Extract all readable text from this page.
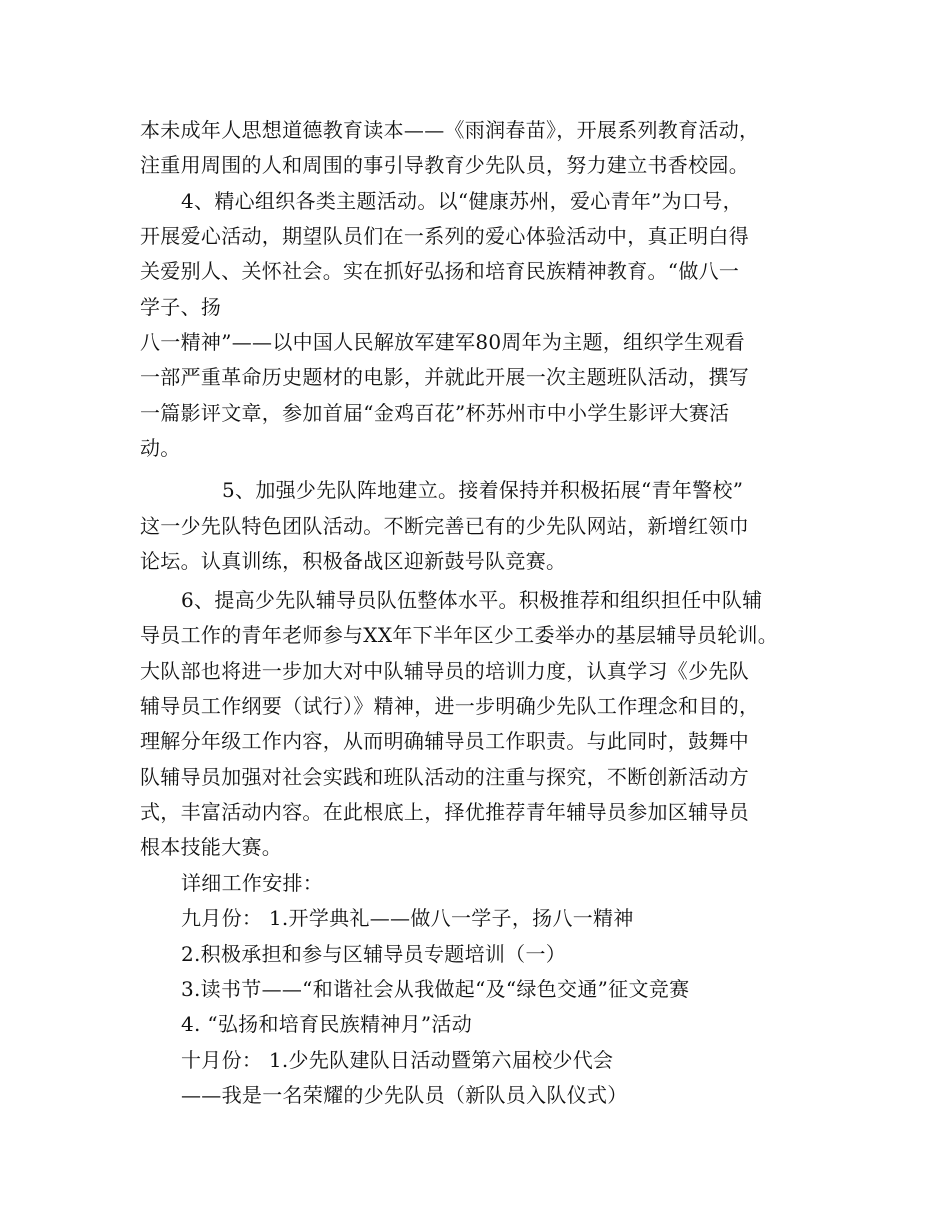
本未成年人思想道德教育读本——《雨润春苗》，开展系列教育活动，

注重用周围的人和周围的事引导教育少先队员，努力建立书香校园。

4、精心组织各类主题活动。以“健康苏州，爱心青年”为口号，

开展爱心活动，期望队员们在一系列的爱心体验活动中，真正明白得

关爱别人、关怀社会。实在抓好弘扬和培育民族精神教育。“做八一

学子、扬

八一精神”——以中国人民解放军建军80周年为主题，组织学生观看

一部严重革命历史题材的电影，并就此开展一次主题班队活动，撰写

一篇影评文章，参加首届“金鸡百花”杯苏州市中小学生影评大赛活

动。

5、加强少先队阵地建立。接着保持并积极拓展“青年警校”

这一少先队特色团队活动。不断完善已有的少先队网站，新增红领巾

论坛。认真训练，积极备战区迎新鼓号队竞赛。

6、提高少先队辅导员队伍整体水平。积极推荐和组织担任中队辅

导员工作的青年老师参与XX年下半年区少工委举办的基层辅导员轮训。

大队部也将进一步加大对中队辅导员的培训力度，认真学习《少先队

辅导员工作纲要（试行）》精神，进一步明确少先队工作理念和目的，

理解分年级工作内容，从而明确辅导员工作职责。与此同时，鼓舞中

队辅导员加强对社会实践和班队活动的注重与探究，不断创新活动方

式，丰富活动内容。在此根底上，择优推荐青年辅导员参加区辅导员

根本技能大赛。

详细工作安排：

九月份： 1.开学典礼——做八一学子，扬八一精神

2.积极承担和参与区辅导员专题培训（一）

3.读书节——“和谐社会从我做起“及“绿色交通”征文竞赛

4. “弘扬和培育民族精神月”活动

十月份： 1.少先队建队日活动暨第六届校少代会

——我是一名荣耀的少先队员（新队员入队仪式）
